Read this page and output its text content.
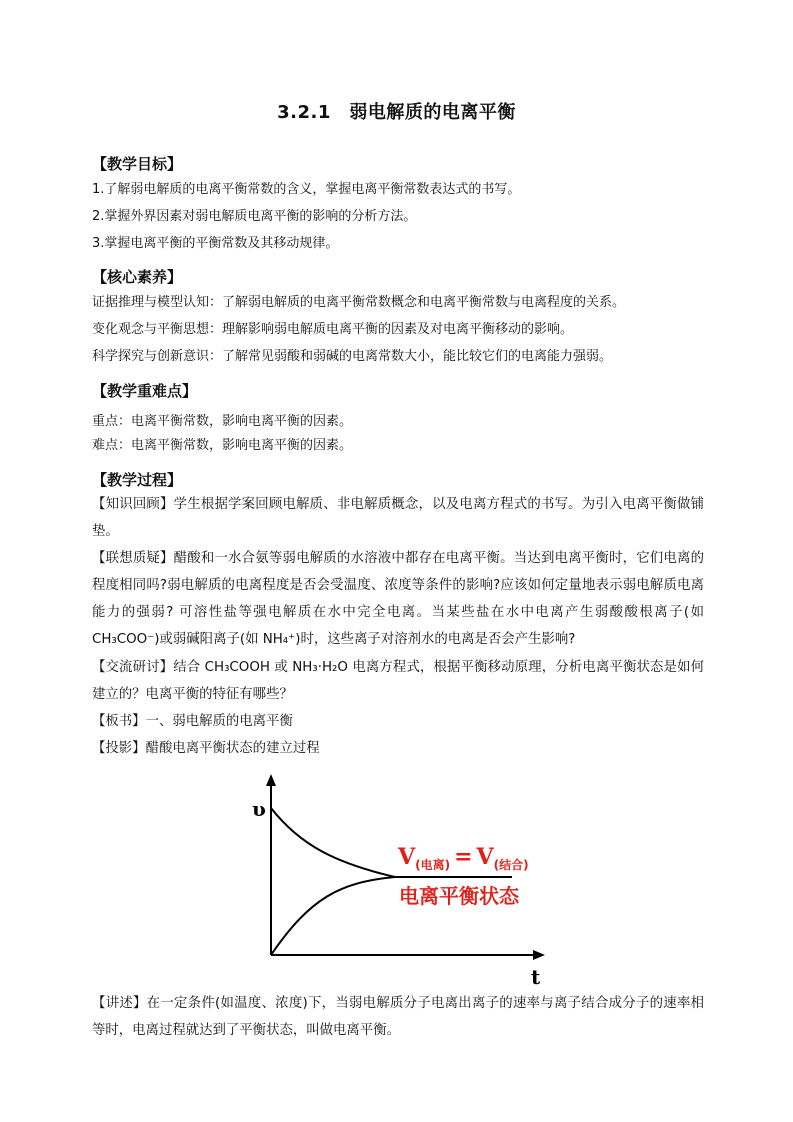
3.2.1　弱电解质的电离平衡
【教学目标】
1.了解弱电解质的电离平衡常数的含义，掌握电离平衡常数表达式的书写。
2.掌握外界因素对弱电解质电离平衡的影响的分析方法。
3.掌握电离平衡的平衡常数及其移动规律。
【核心素养】
证据推理与模型认知：了解弱电解质的电离平衡常数概念和电离平衡常数与电离程度的关系。
变化观念与平衡思想：理解影响弱电解质电离平衡的因素及对电离平衡移动的影响。
科学探究与创新意识：了解常见弱酸和弱碱的电离常数大小，能比较它们的电离能力强弱。
【教学重难点】
重点：电离平衡常数，影响电离平衡的因素。
难点：电离平衡常数，影响电离平衡的因素。
【教学过程】
【知识回顾】学生根据学案回顾电解质、非电解质概念，以及电离方程式的书写。为引入电离平衡做铺垫。
【联想质疑】醋酸和一水合氨等弱电解质的水溶液中都存在电离平衡。当达到电离平衡时，它们电离的程度相同吗?弱电解质的电离程度是否会受温度、浓度等条件的影响?应该如何定量地表示弱电解质电离能力的强弱? 可溶性盐等强电解质在水中完全电离。当某些盐在水中电离产生弱酸酸根离子(如 CH₃COO⁻)或弱碱阳离子(如 NH₄⁺)时，这些离子对溶剂水的电离是否会产生影响?
【交流研讨】结合 CH₃COOH 或 NH₃·H₂O 电离方程式，根据平衡移动原理，分析电离平衡状态是如何建立的？电离平衡的特征有哪些？
【板书】一、弱电解质的电离平衡
【投影】醋酸电离平衡状态的建立过程
υ
t
$V_{(电离)} = V_{(结合)}$
电离平衡状态
【讲述】在一定条件(如温度、浓度)下，当弱电解质分子电离出离子的速率与离子结合成分子的速率相等时，电离过程就达到了平衡状态，叫做电离平衡。
